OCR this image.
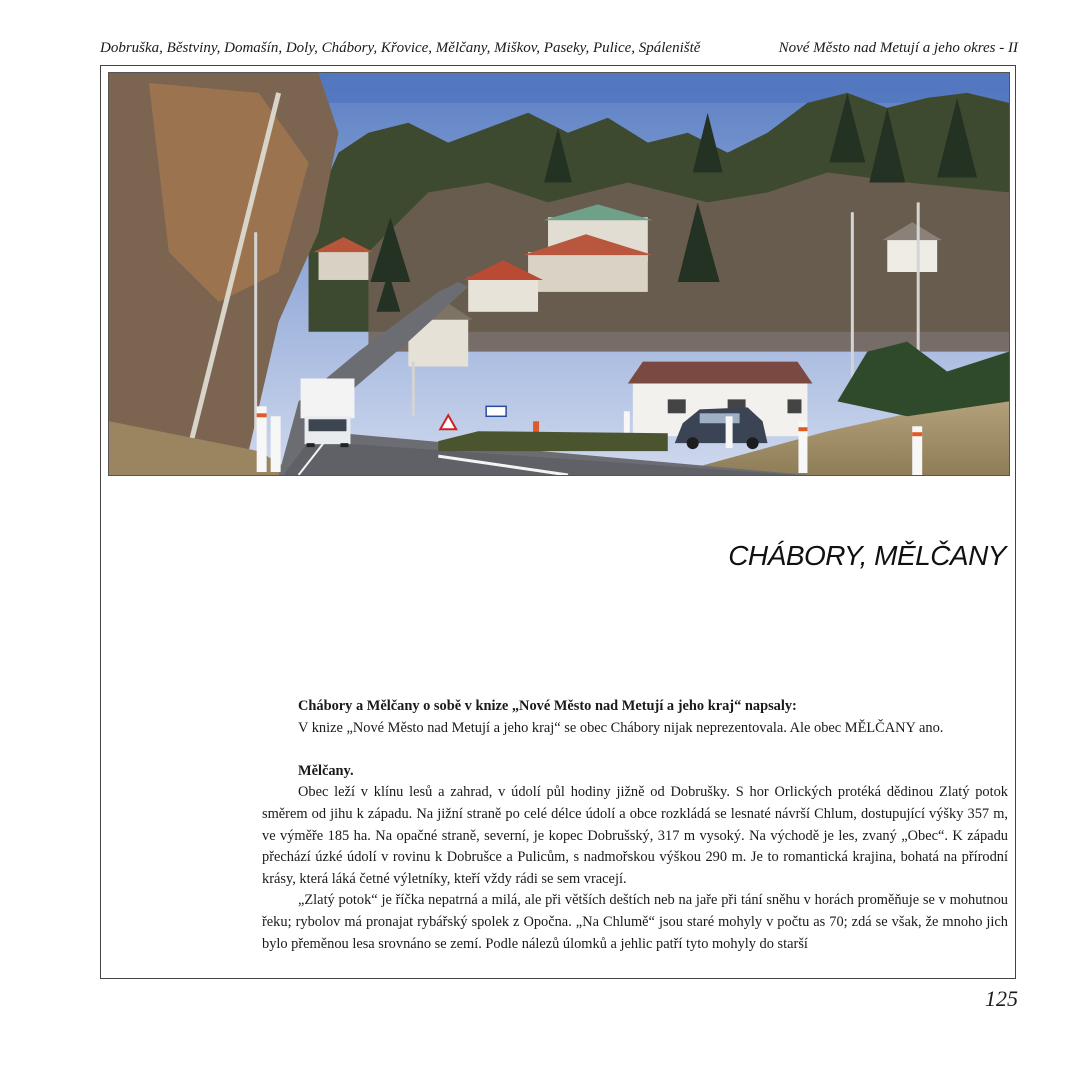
Dobruška, Běstviny, Domašín, Doly, Chábory, Křovice, Mělčany, Miškov, Paseky, Pulice, Spáleniště	Nové Město nad Metují a jeho okres - II
CHÁBORY, MĚLČANY

Chábory a Mělčany o sobě v knize „Nové Město nad Metují a jeho kraj“ napsaly:

V knize „Nové Město nad Metují a jeho kraj“ se obec Chábory nijak neprezentovala. Ale obec MĚLČANY ano.

Mělčany.

Obec leží v klínu lesů a zahrad, v údolí půl hodiny jižně od Dobrušky. S hor Orlických protéká dědinou Zlatý potok směrem od jihu k západu. Na jižní straně po celé délce údolí a obce rozkládá se lesnaté návrší Chlum, dostupující výšky 357 m, ve výměře 185 ha. Na opačné straně, severní, je kopec Dobrušský, 317 m vysoký. Na východě je les, zvaný „Obec“. K západu přechází úzké údolí v rovinu k Dobrušce a Pulicům, s nadmořskou výškou 290 m. Je to romantická krajina, bohatá na přírodní krásy, která láká četné výletníky, kteří vždy rádi se sem vracejí.

„Zlatý potok“ je říčka nepatrná a milá, ale při větších deštích neb na jaře při tání sněhu v horách proměňuje se v mohutnou řeku; rybolov má pronajat rybářský spolek z Opočna. „Na Chlumě“ jsou staré mohyly v počtu as 70; zdá se však, že mnoho jich bylo přeměnou lesa srovnáno se zemí. Podle nálezů úlomků a jehlic patří tyto mohyly do starší

125
